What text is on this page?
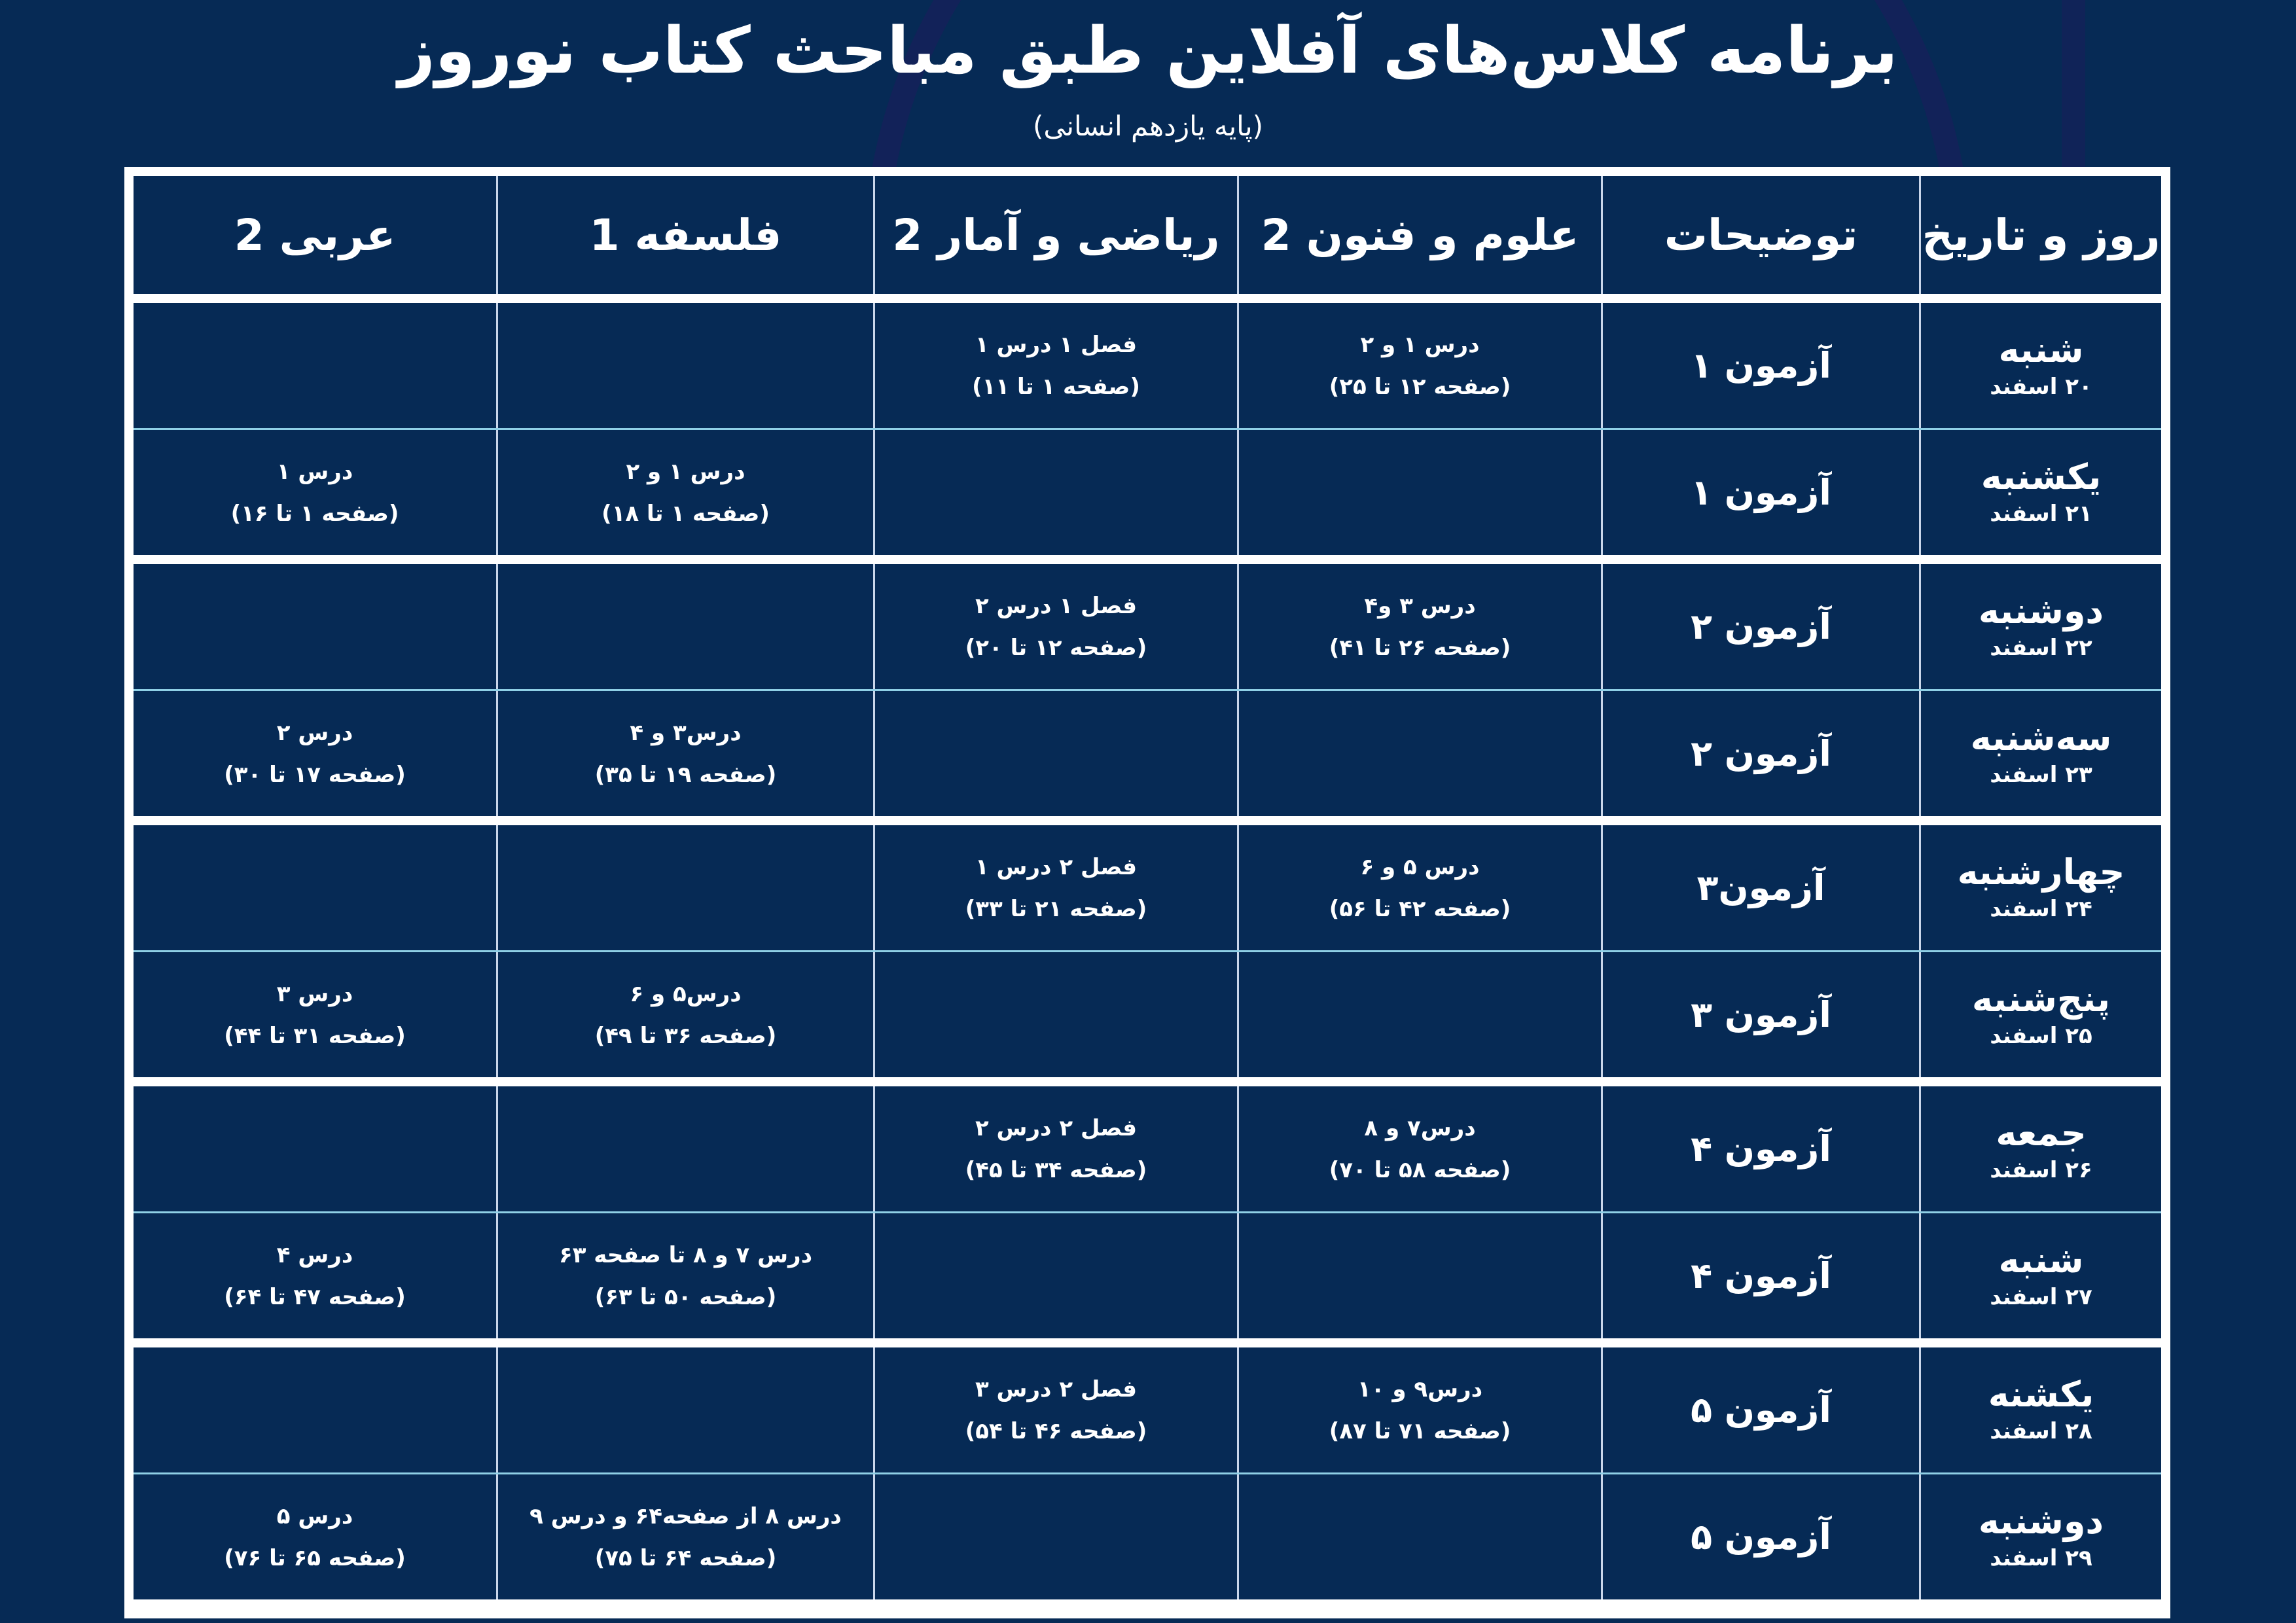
برنامه کلاس‌های آفلاین طبق مباحث کتاب نوروز
(پایه یازدهم انسانی)
روز و تاریخ
توضیحات
علوم و فنون 2
ریاضی و آمار 2
فلسفه 1
عربی 2
شنبه
۲۰ اسفند
آزمون ۱
درس ۱ و ۲
(صفحه ۱۲ تا ۲۵)
فصل ۱ درس ۱
(صفحه ۱ تا ۱۱)
یکشنبه
۲۱ اسفند
آزمون ۱
درس ۱ و ۲
(صفحه ۱ تا ۱۸)
درس ۱
(صفحه ۱ تا ۱۶)
دوشنبه
۲۲ اسفند
آزمون ۲
درس ۳ و۴
(صفحه ۲۶ تا ۴۱)
فصل ۱ درس ۲
(صفحه ۱۲ تا ۲۰)
سه‌شنبه
۲۳ اسفند
آزمون ۲
درس۳ و ۴
(صفحه ۱۹ تا ۳۵)
درس ۲
(صفحه ۱۷ تا ۳۰)
چهارشنبه
۲۴ اسفند
آزمون۳
درس ۵ و ۶
(صفحه ۴۲ تا ۵۶)
فصل ۲ درس ۱
(صفحه ۲۱ تا ۳۳)
پنج‌شنبه
۲۵ اسفند
آزمون ۳
درس۵ و ۶
(صفحه ۳۶ تا ۴۹)
درس ۳
(صفحه ۳۱ تا ۴۴)
جمعه
۲۶ اسفند
آزمون ۴
درس۷ و ۸
(صفحه ۵۸ تا ۷۰)
فصل ۲ درس ۲
(صفحه ۳۴ تا ۴۵)
شنبه
۲۷ اسفند
آزمون ۴
درس ۷ و ۸ تا صفحه ۶۳
(صفحه ۵۰ تا ۶۳)
درس ۴
(صفحه ۴۷ تا ۶۴)
یکشنه
۲۸ اسفند
آزمون ۵
درس۹ و ۱۰
(صفحه ۷۱ تا ۸۷)
فصل ۲ درس ۳
(صفحه ۴۶ تا ۵۴)
دوشنبه
۲۹ اسفند
آزمون ۵
درس ۸ از صفحه۶۴ و درس ۹
(صفحه ۶۴ تا ۷۵)
درس ۵
(صفحه ۶۵ تا ۷۶)
